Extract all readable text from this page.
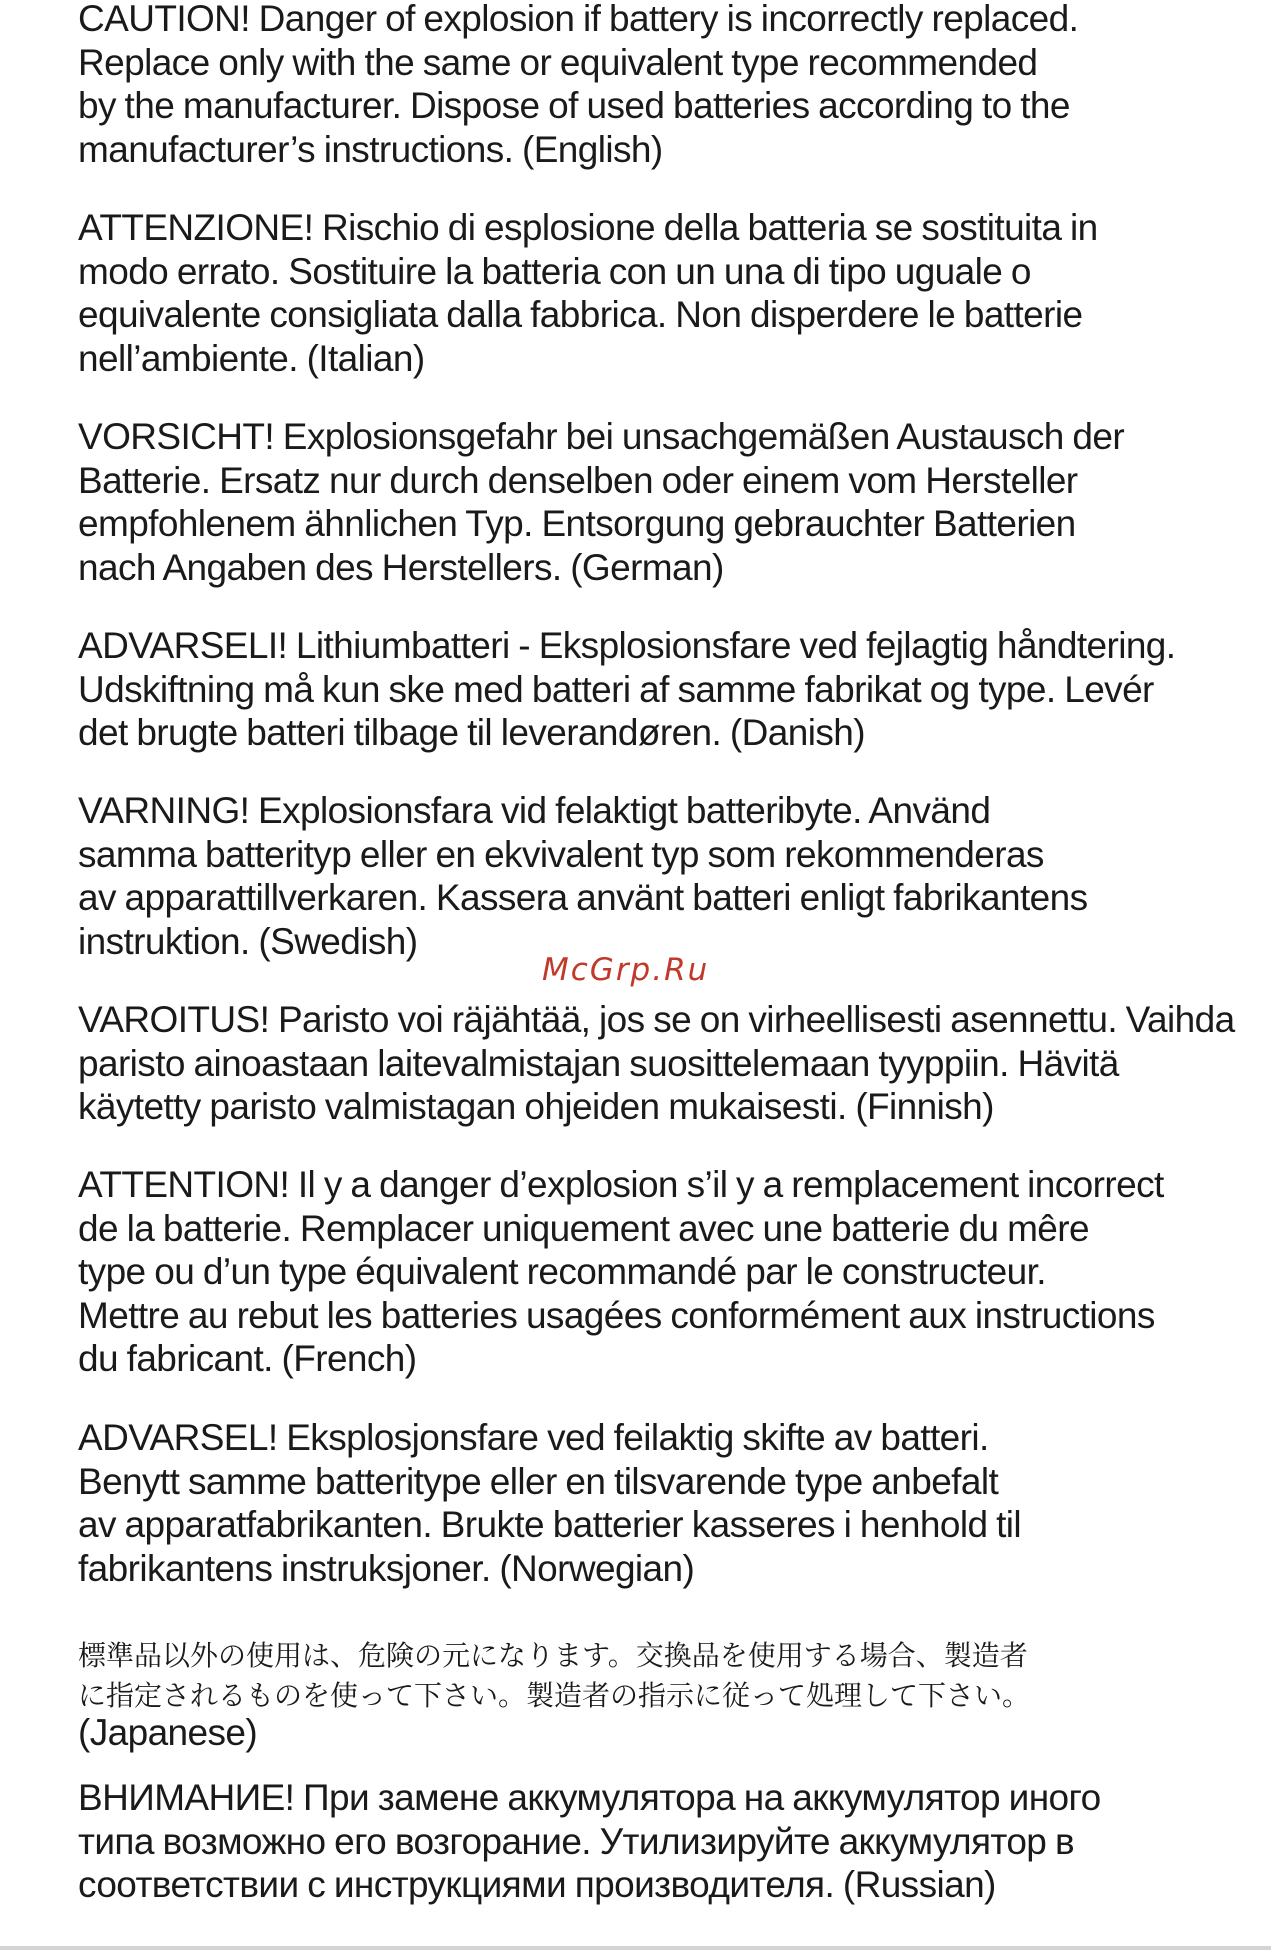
CAUTION! Danger of explosion if battery is incorrectly replaced.
Replace only with the same or equivalent type recommended
by the manufacturer. Dispose of used batteries according to the
manufacturer’s instructions. (English)

ATTENZIONE! Rischio di esplosione della batteria se sostituita in
modo errato. Sostituire la batteria con un una di tipo uguale o
equivalente consigliata dalla fabbrica. Non disperdere le batterie
nell’ambiente. (Italian)

VORSICHT! Explosionsgefahr bei unsachgemäßen Austausch der
Batterie. Ersatz nur durch denselben oder einem vom Hersteller
empfohlenem ähnlichen Typ. Entsorgung gebrauchter Batterien
nach Angaben des Herstellers. (German)

ADVARSELI! Lithiumbatteri - Eksplosionsfare ved fejlagtig håndtering.
Udskiftning må kun ske med batteri af samme fabrikat og type. Levér
det brugte batteri tilbage til leverandøren. (Danish)

VARNING! Explosionsfara vid felaktigt batteribyte. Använd
samma batterityp eller en ekvivalent typ som rekommenderas
av apparattillverkaren. Kassera använt batteri enligt fabrikantens
instruktion. (Swedish)

VAROITUS! Paristo voi räjähtää, jos se on virheellisesti asennettu. Vaihda
paristo ainoastaan laitevalmistajan suosittelemaan tyyppiin. Hävitä
käytetty paristo valmistagan ohjeiden mukaisesti. (Finnish)

ATTENTION! Il y a danger d’explosion s’il y a remplacement incorrect
de la batterie. Remplacer uniquement avec une batterie du mêre
type ou d’un type équivalent recommandé par le constructeur.
Mettre au rebut les batteries usagées conformément aux instructions
du fabricant. (French)

ADVARSEL! Eksplosjonsfare ved feilaktig skifte av batteri.
Benytt samme batteritype eller en tilsvarende type anbefalt
av apparatfabrikanten. Brukte batterier kasseres i henhold til
fabrikantens instruksjoner. (Norwegian)

標準品以外の使用は、危険の元になります。交換品を使用する場合、製造者
に指定されるものを使って下さい。製造者の指示に従って処理して下さい。

(Japanese)

ВНИМАНИЕ! При замене аккумулятора на аккумулятор иного
типа возможно его возгорание. Утилизируйте аккумулятор в
соответствии с инструкциями производителя. (Russian)

McGrp.Ru
